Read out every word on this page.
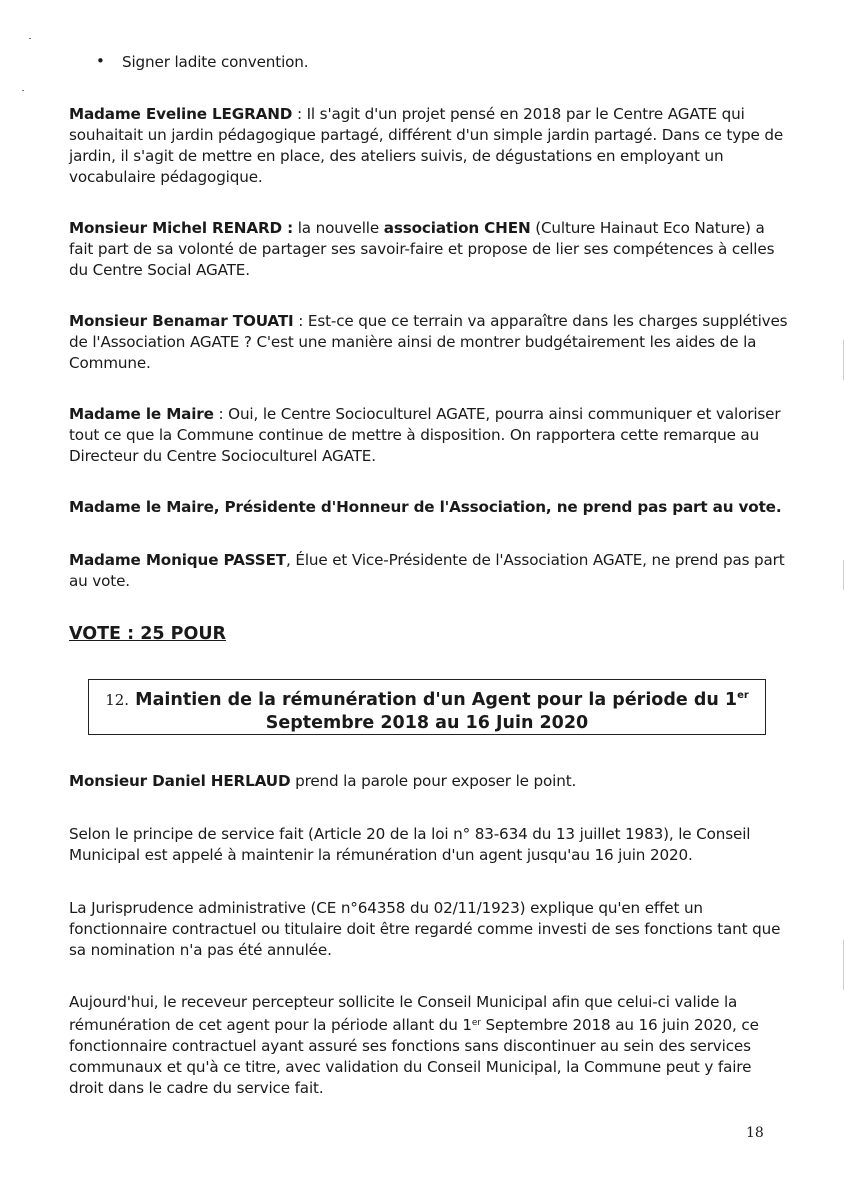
• Signer ladite convention.
Madame Eveline LEGRAND : Il s'agit d'un projet pensé en 2018 par le Centre AGATE qui souhaitait un jardin pédagogique partagé, différent d'un simple jardin partagé. Dans ce type de jardin, il s'agit de mettre en place, des ateliers suivis, de dégustations en employant un vocabulaire pédagogique.
Monsieur Michel RENARD : la nouvelle association CHEN (Culture Hainaut Eco Nature) a fait part de sa volonté de partager ses savoir-faire et propose de lier ses compétences à celles du Centre Social AGATE.
Monsieur Benamar TOUATI : Est-ce que ce terrain va apparaître dans les charges supplétives de l'Association AGATE ? C'est une manière ainsi de montrer budgétairement les aides de la Commune.
Madame le Maire : Oui, le Centre Socioculturel AGATE, pourra ainsi communiquer et valoriser tout ce que la Commune continue de mettre à disposition. On rapportera cette remarque au Directeur du Centre Socioculturel AGATE.
Madame le Maire, Présidente d'Honneur de l'Association, ne prend pas part au vote.
Madame Monique PASSET, Élue et Vice-Présidente de l'Association AGATE, ne prend pas part au vote.
VOTE : 25 POUR
12. Maintien de la rémunération d'un Agent pour la période du 1er
Septembre 2018 au 16 Juin 2020
Monsieur Daniel HERLAUD prend la parole pour exposer le point.
Selon le principe de service fait (Article 20 de la loi n° 83-634 du 13 juillet 1983), le Conseil Municipal est appelé à maintenir la rémunération d'un agent jusqu'au 16 juin 2020.
La Jurisprudence administrative (CE n°64358 du 02/11/1923) explique qu'en effet un fonctionnaire contractuel ou titulaire doit être regardé comme investi de ses fonctions tant que sa nomination n'a pas été annulée.
Aujourd'hui, le receveur percepteur sollicite le Conseil Municipal afin que celui-ci valide la rémunération de cet agent pour la période allant du 1er Septembre 2018 au 16 juin 2020, ce fonctionnaire contractuel ayant assuré ses fonctions sans discontinuer au sein des services communaux et qu'à ce titre, avec validation du Conseil Municipal, la Commune peut y faire droit dans le cadre du service fait.
18
